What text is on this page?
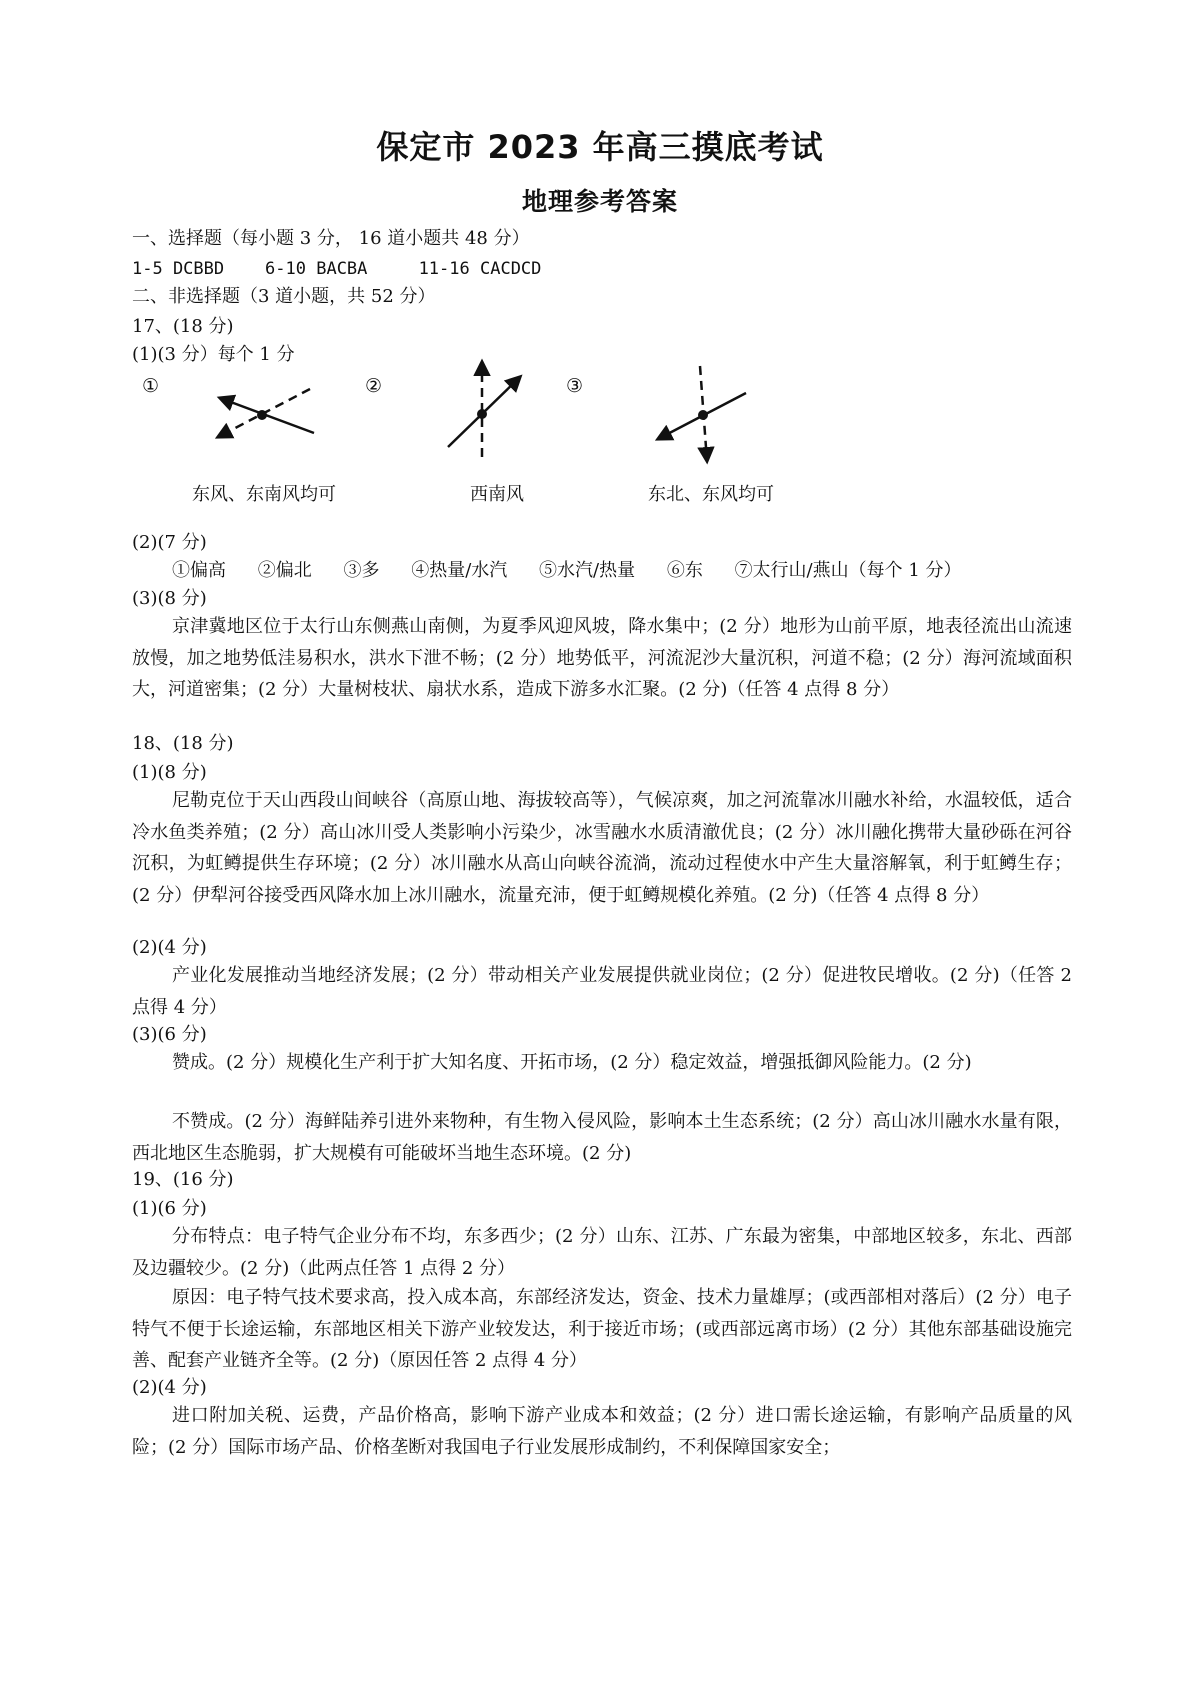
保定市 2023 年高三摸底考试
地理参考答案
一、选择题（每小题 3 分， 16 道小题共 48 分）
1-5 DCBBD    6-10 BACBA     11-16 CACDCD
二、非选择题（3 道小题，共 52 分）
17、(18 分)
(1)(3 分）每个 1 分
①	②	③
东风、东南风均可	西南风	东北、东风均可
(2)(7 分)
①偏高 ②偏北 ③多 ④热量/水汽 ⑤水汽/热量 ⑥东 ⑦太行山/燕山（每个 1 分）
(3)(8 分)
京津冀地区位于太行山东侧燕山南侧，为夏季风迎风坡，降水集中；(2 分）地形为山前平原，地表径流出山流速放慢，加之地势低洼易积水，洪水下泄不畅；(2 分）地势低平，河流泥沙大量沉积，河道不稳；(2 分）海河流域面积大，河道密集；(2 分）大量树枝状、扇状水系，造成下游多水汇聚。(2 分)（任答 4 点得 8 分）
18、(18 分)
(1)(8 分)
尼勒克位于天山西段山间峡谷（高原山地、海拔较高等），气候凉爽，加之河流靠冰川融水补给，水温较低，适合冷水鱼类养殖；(2 分）高山冰川受人类影响小污染少，冰雪融水水质清澈优良；(2 分）冰川融化携带大量砂砾在河谷沉积，为虹鳟提供生存环境；(2 分）冰川融水从高山向峡谷流淌，流动过程使水中产生大量溶解氧，利于虹鳟生存；(2 分）伊犁河谷接受西风降水加上冰川融水，流量充沛，便于虹鳟规模化养殖。(2 分)（任答 4 点得 8 分）
(2)(4 分)
产业化发展推动当地经济发展；(2 分）带动相关产业发展提供就业岗位；(2 分）促进牧民增收。(2 分)（任答 2 点得 4 分）
(3)(6 分)
赞成。(2 分）规模化生产利于扩大知名度、开拓市场，(2 分）稳定效益，增强抵御风险能力。(2 分)
不赞成。(2 分）海鲜陆养引进外来物种，有生物入侵风险，影响本土生态系统；(2 分）高山冰川融水水量有限，西北地区生态脆弱，扩大规模有可能破坏当地生态环境。(2 分)
19、(16 分)
(1)(6 分)
分布特点：电子特气企业分布不均，东多西少；(2 分）山东、江苏、广东最为密集，中部地区较多，东北、西部及边疆较少。(2 分)（此两点任答 1 点得 2 分）
原因：电子特气技术要求高，投入成本高，东部经济发达，资金、技术力量雄厚；(或西部相对落后）(2 分）电子特气不便于长途运输，东部地区相关下游产业较发达，利于接近市场；(或西部远离市场）(2 分）其他东部基础设施完善、配套产业链齐全等。(2 分)（原因任答 2 点得 4 分）
(2)(4 分)
进口附加关税、运费，产品价格高，影响下游产业成本和效益；(2 分）进口需长途运输，有影响产品质量的风险；(2 分）国际市场产品、价格垄断对我国电子行业发展形成制约，不利保障国家安全；
